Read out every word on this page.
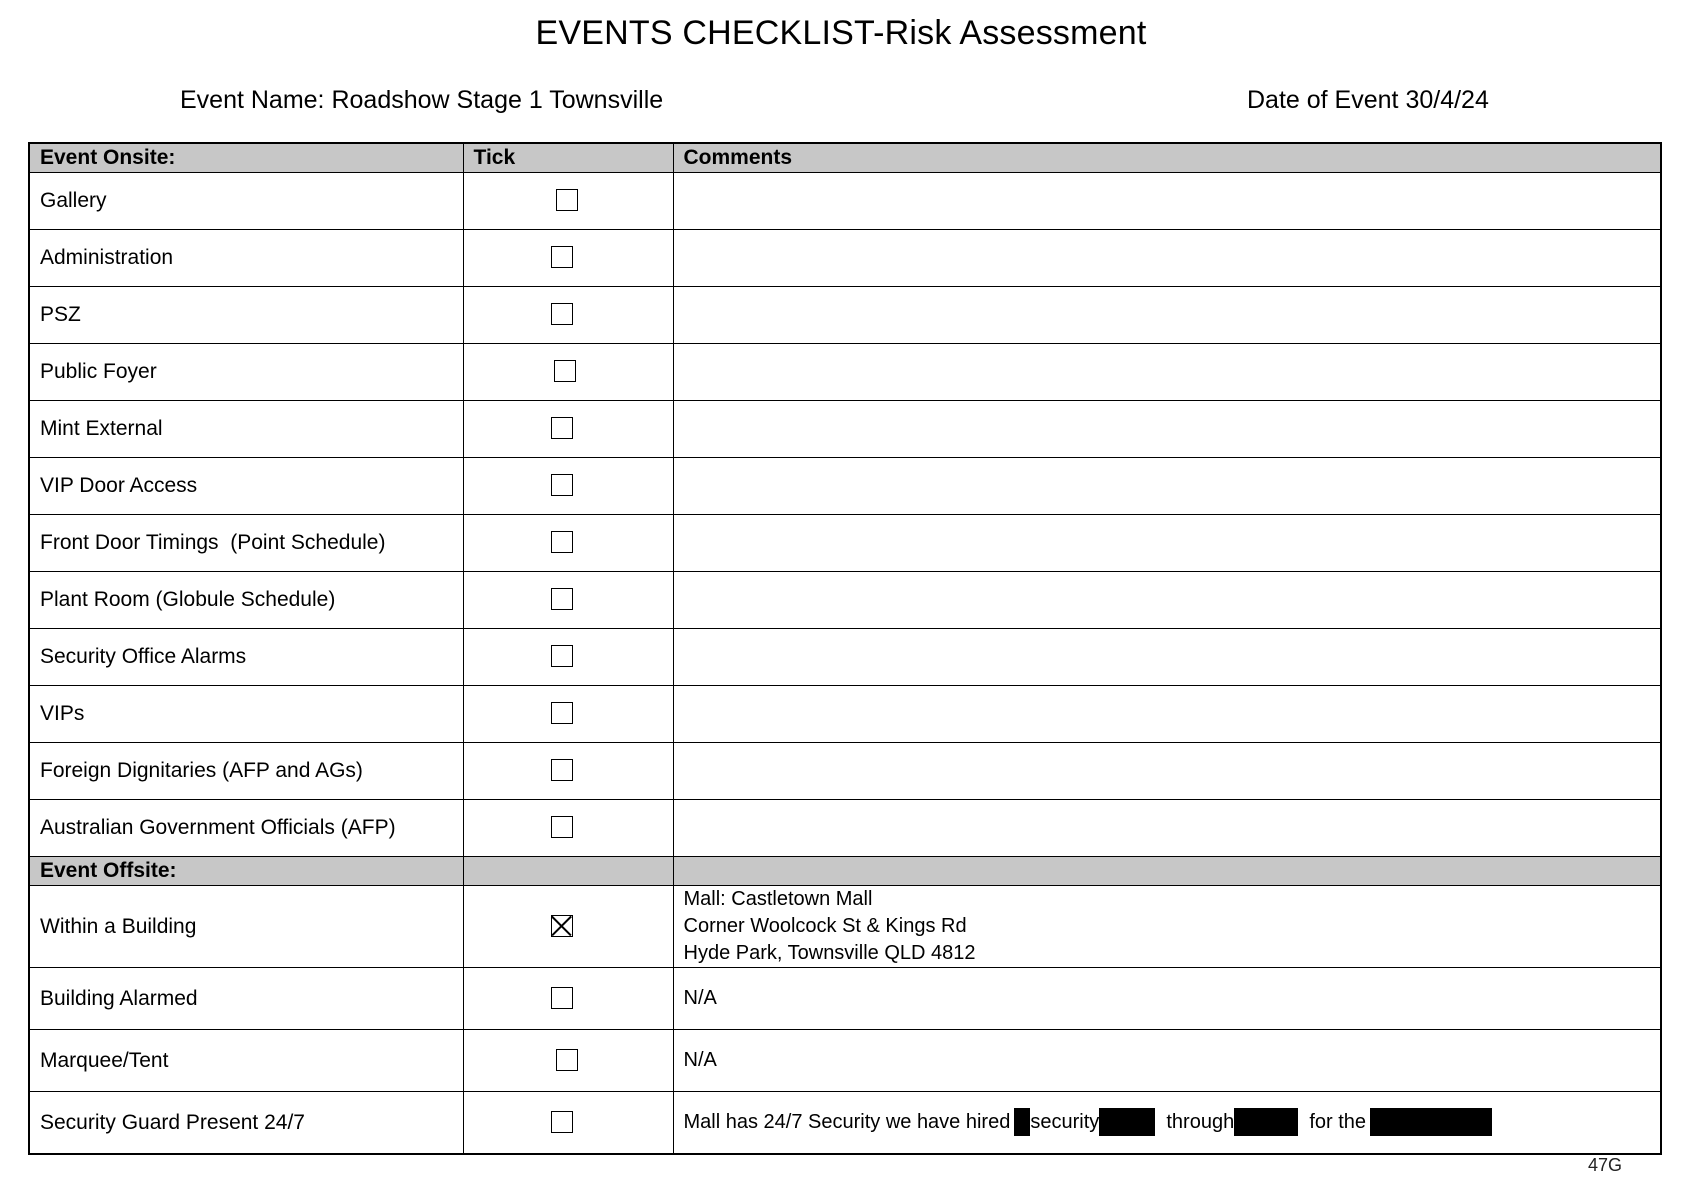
EVENTS CHECKLIST-Risk Assessment
Event Name: Roadshow Stage 1 Townsville	Date of Event 30/4/24
Event Onsite:	Tick	Comments
Gallery	

Administration	

PSZ	

Public Foyer	

Mint External	

VIP Door Access	

Front Door Timings  (Point Schedule)	

Plant Room (Globule Schedule)	

Security Office Alarms	

VIPs	

Foreign Dignitaries (AFP and AGs)	

Australian Government Officials (AFP)	

Event Offsite:		
Within a Building		Mall: Castletown Mall
Corner Woolcock St & Kings Rd
Hyde Park, Townsville QLD 4812

Building Alarmed		N/A

Marquee/Tent		N/A

Security Guard Present 24/7		Mall has 24/7 Security we have hired security through for the
47G
